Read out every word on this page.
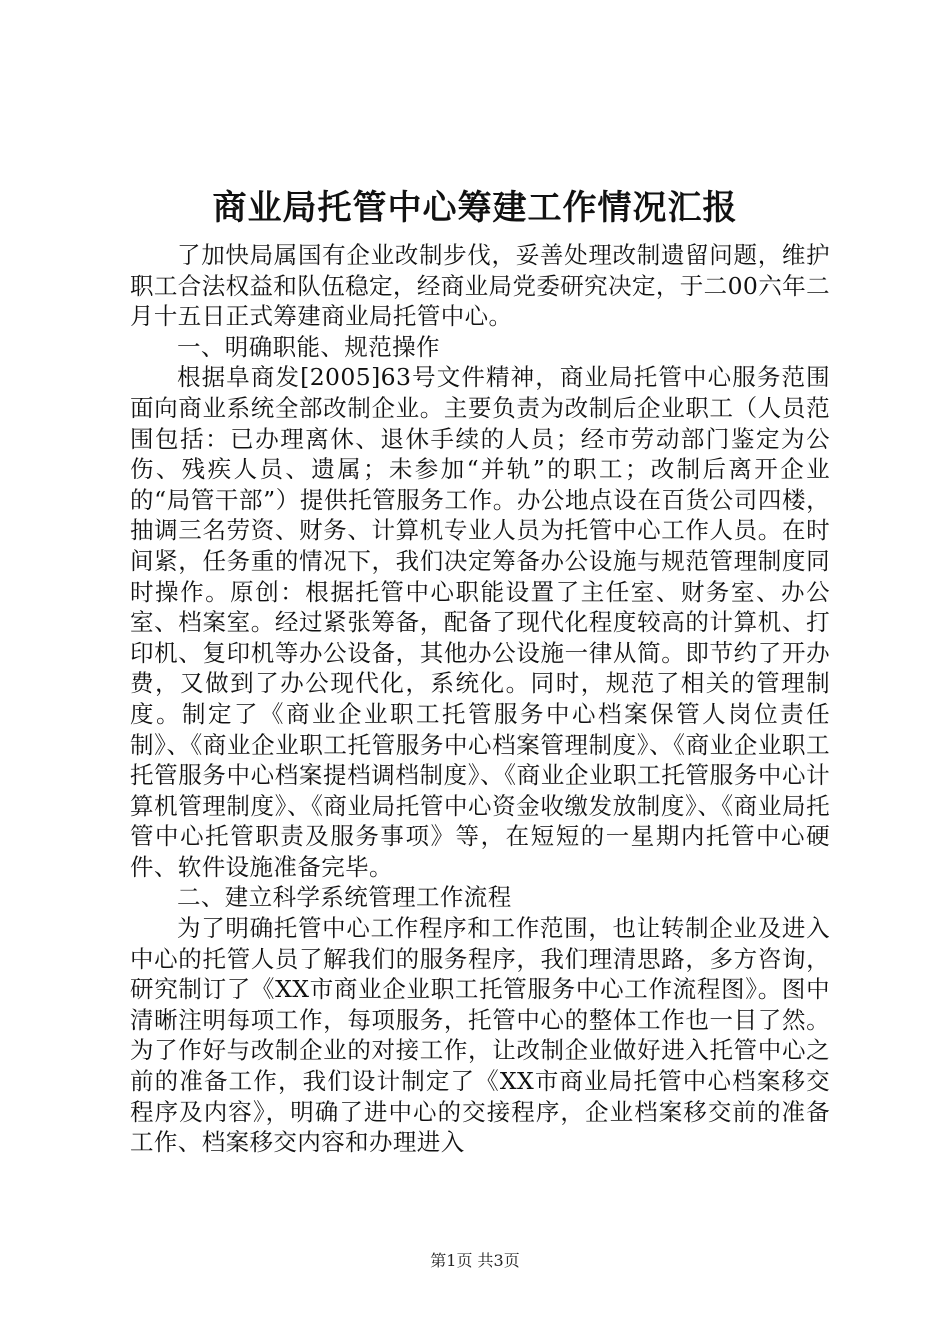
商业局托管中心筹建工作情况汇报

了加快局属国有企业改制步伐，妥善处理改制遗留问题，维护职工合法权益和队伍稳定，经商业局党委研究决定，于二00六年二月十五日正式筹建商业局托管中心。

一、明确职能、规范操作

根据阜商发[2005]63号文件精神，商业局托管中心服务范围面向商业系统全部改制企业。主要负责为改制后企业职工（人员范围包括：已办理离休、退休手续的人员；经市劳动部门鉴定为公伤、残疾人员、遗属；未参加“并轨”的职工；改制后离开企业的“局管干部”）提供托管服务工作。办公地点设在百货公司四楼，抽调三名劳资、财务、计算机专业人员为托管中心工作人员。在时间紧，任务重的情况下，我们决定筹备办公设施与规范管理制度同时操作。原创：根据托管中心职能设置了主任室、财务室、办公室、档案室。经过紧张筹备，配备了现代化程度较高的计算机、打印机、复印机等办公设备，其他办公设施一律从简。即节约了开办费，又做到了办公现代化，系统化。同时，规范了相关的管理制度。制定了《商业企业职工托管服务中心档案保管人岗位责任制》、《商业企业职工托管服务中心档案管理制度》、《商业企业职工托管服务中心档案提档调档制度》、《商业企业职工托管服务中心计算机管理制度》、《商业局托管中心资金收缴发放制度》、《商业局托管中心托管职责及服务事项》等，在短短的一星期内托管中心硬件、软件设施准备完毕。

二、建立科学系统管理工作流程

为了明确托管中心工作程序和工作范围，也让转制企业及进入中心的托管人员了解我们的服务程序，我们理清思路，多方咨询，研究制订了《XX市商业企业职工托管服务中心工作流程图》。图中清晰注明每项工作，每项服务，托管中心的整体工作也一目了然。为了作好与改制企业的对接工作，让改制企业做好进入托管中心之前的准备工作，我们设计制定了《XX市商业局托管中心档案移交程序及内容》，明确了进中心的交接程序，企业档案移交前的准备工作、档案移交内容和办理进入

第1页 共3页
